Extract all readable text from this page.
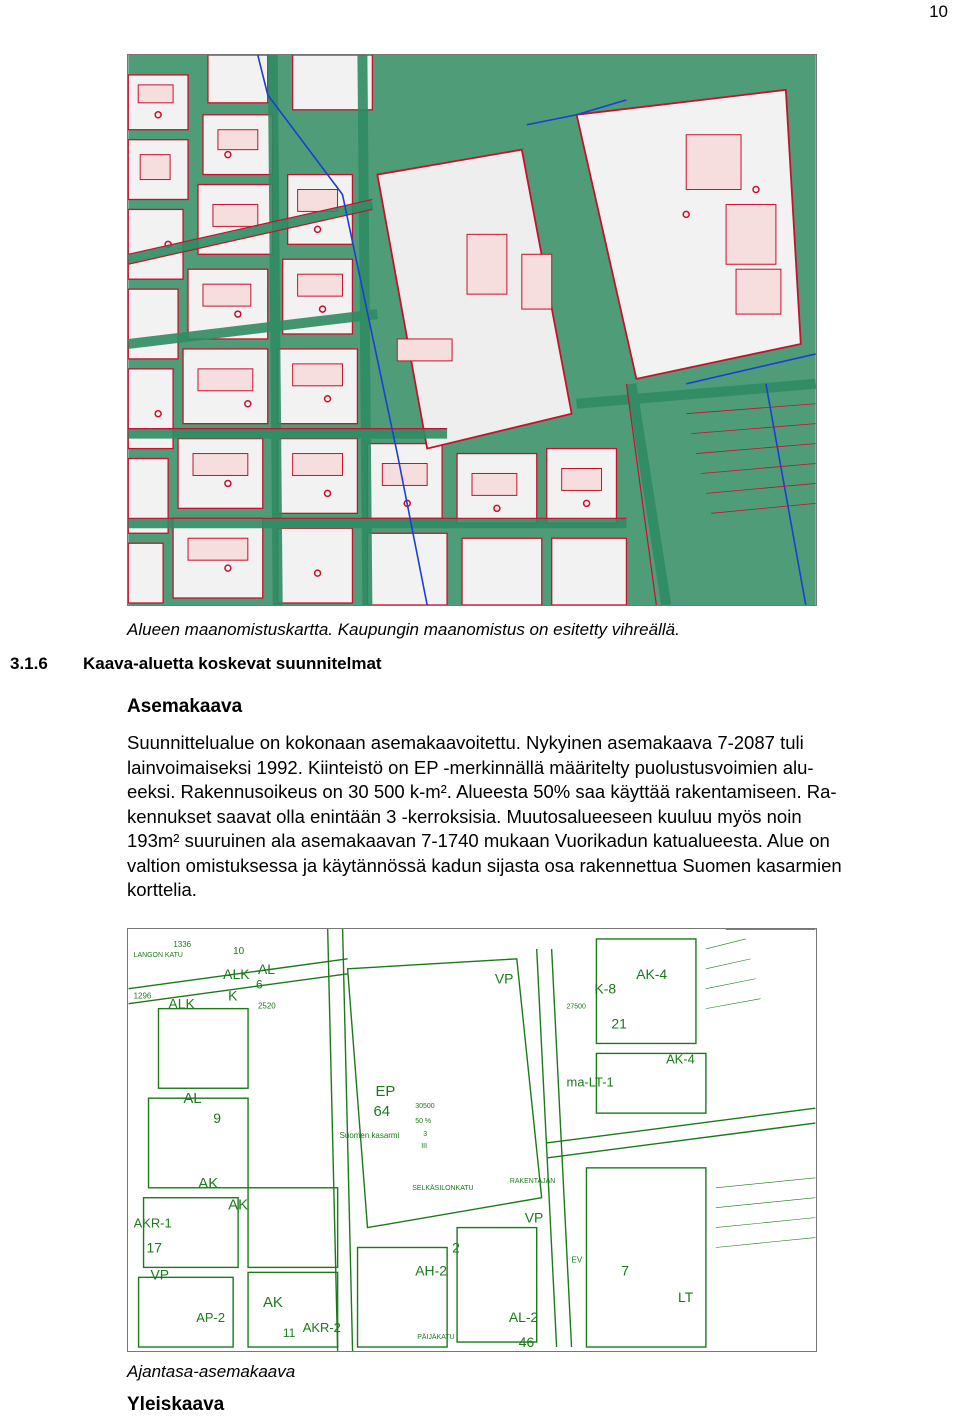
10
Alueen maanomistuskartta. Kaupungin maanomistus on esitetty vihreällä.
3.1.6 Kaava-aluetta koskevat suunnitelmat
Asemakaava

Suunnittelualue on kokonaan asemakaavoitettu. Nykyinen asemakaava 7-2087 tuli

lainvoimaiseksi 1992. Kiinteistö on EP -merkinnällä määritelty puolustusvoimien alu-

eeksi. Rakennusoikeus on 30 500 k-m². Alueesta 50% saa käyttää rakentamiseen. Ra-

kennukset saavat olla enintään 3 -kerroksisia. Muutosalueeseen kuuluu myös noin

193m² suuruinen ala asemakaavan 7-1740 mukaan Vuorikadun katualueesta. Alue on

valtion omistuksessa ja käytännössä kadun sijasta osa rakennettua Suomen kasarmien

korttelia.

EP
64
Suomen kasarmi
30500
50 %
3
III
ALK AL
K
6
1296 ALK
LANGON KATU
1336
2520
10
VP
K-8
21
27500
AK-4
AK-4
ma-LT-1
AL
9
AK
AK
AKR-1
17
VP
AK
AP-2
AKR-2
11
AH-2
2
VP
EV
7
LT
AL-2
46
RAKENTAJAN
SELKÄSILONKATU
PÄIJÄKATU
Ajantasa-asemakaava
Yleiskaava
